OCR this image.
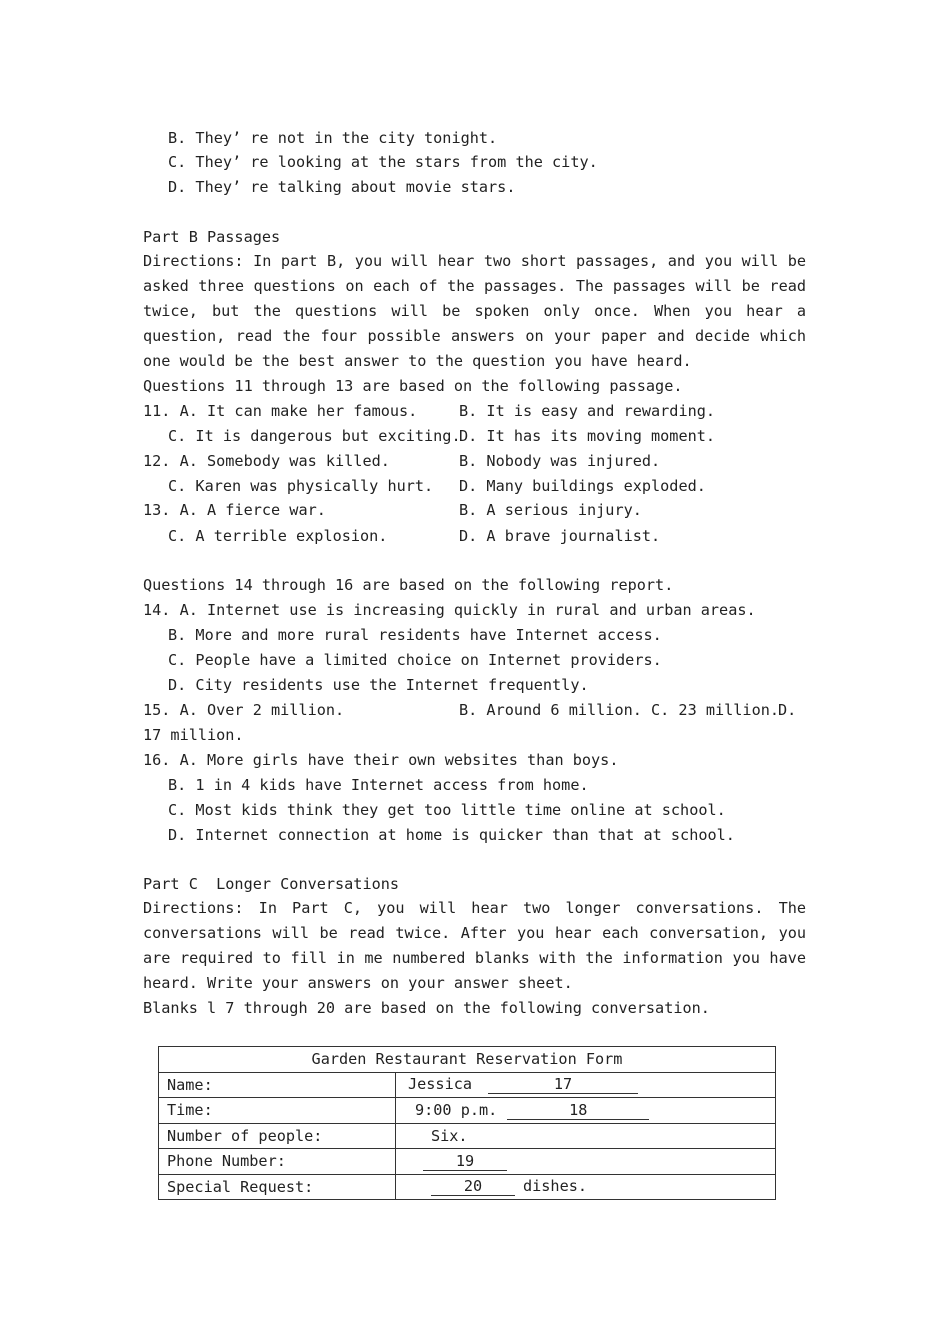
B. They’ re not in the city tonight.
C. They’ re looking at the stars from the city.
D. They’ re talking about movie stars.
Part B Passages
Directions: In part B, you will hear two short passages, and you will be asked three questions on each of the passages. The passages will be read twice, but the questions will be spoken only once. When you hear a question, read the four possible answers on your paper and decide which one would be the best answer to the question you have heard.
Questions 11 through 13 are based on the following passage.
11. A. It can make her famous.	B. It is easy and rewarding.
C. It is dangerous but exciting.
D. It has its moving moment.
12. A. Somebody was killed.	B. Nobody was injured.
C. Karen was physically hurt. D. Many buildings exploded.
13. A. A fierce war.	B. A serious injury.
C. A terrible explosion.	D. A brave journalist.
Questions 14 through 16 are based on the following report.
14. A. Internet use is increasing quickly in rural and urban areas.
B. More and more rural residents have Internet access.
C. People have a limited choice on Internet providers.
D. City residents use the Internet frequently.
15. A. Over 2 million.	B. Around 6 million. C. 23 million.
D.
17 million.
16. A. More girls have their own websites than boys.
B. 1 in 4 kids have Internet access from home.
C. Most kids think they get too little time online at school.
D. Internet connection at home is quicker than that at school.
Part C  Longer Conversations
Directions: In Part C, you will hear two longer conversations. The conversations will be read twice. After you hear each conversation, you are required to fill in me numbered blanks with the information you have heard. Write your answers on your answer sheet.
Blanks l 7 through 20 are based on the following conversation.
Garden Restaurant Reservation Form	
Name:	Jessica 17
Time:	9:00 p.m. 18
Number of people:	Six.
Phone Number:	19
Special Request:	20 dishes.
